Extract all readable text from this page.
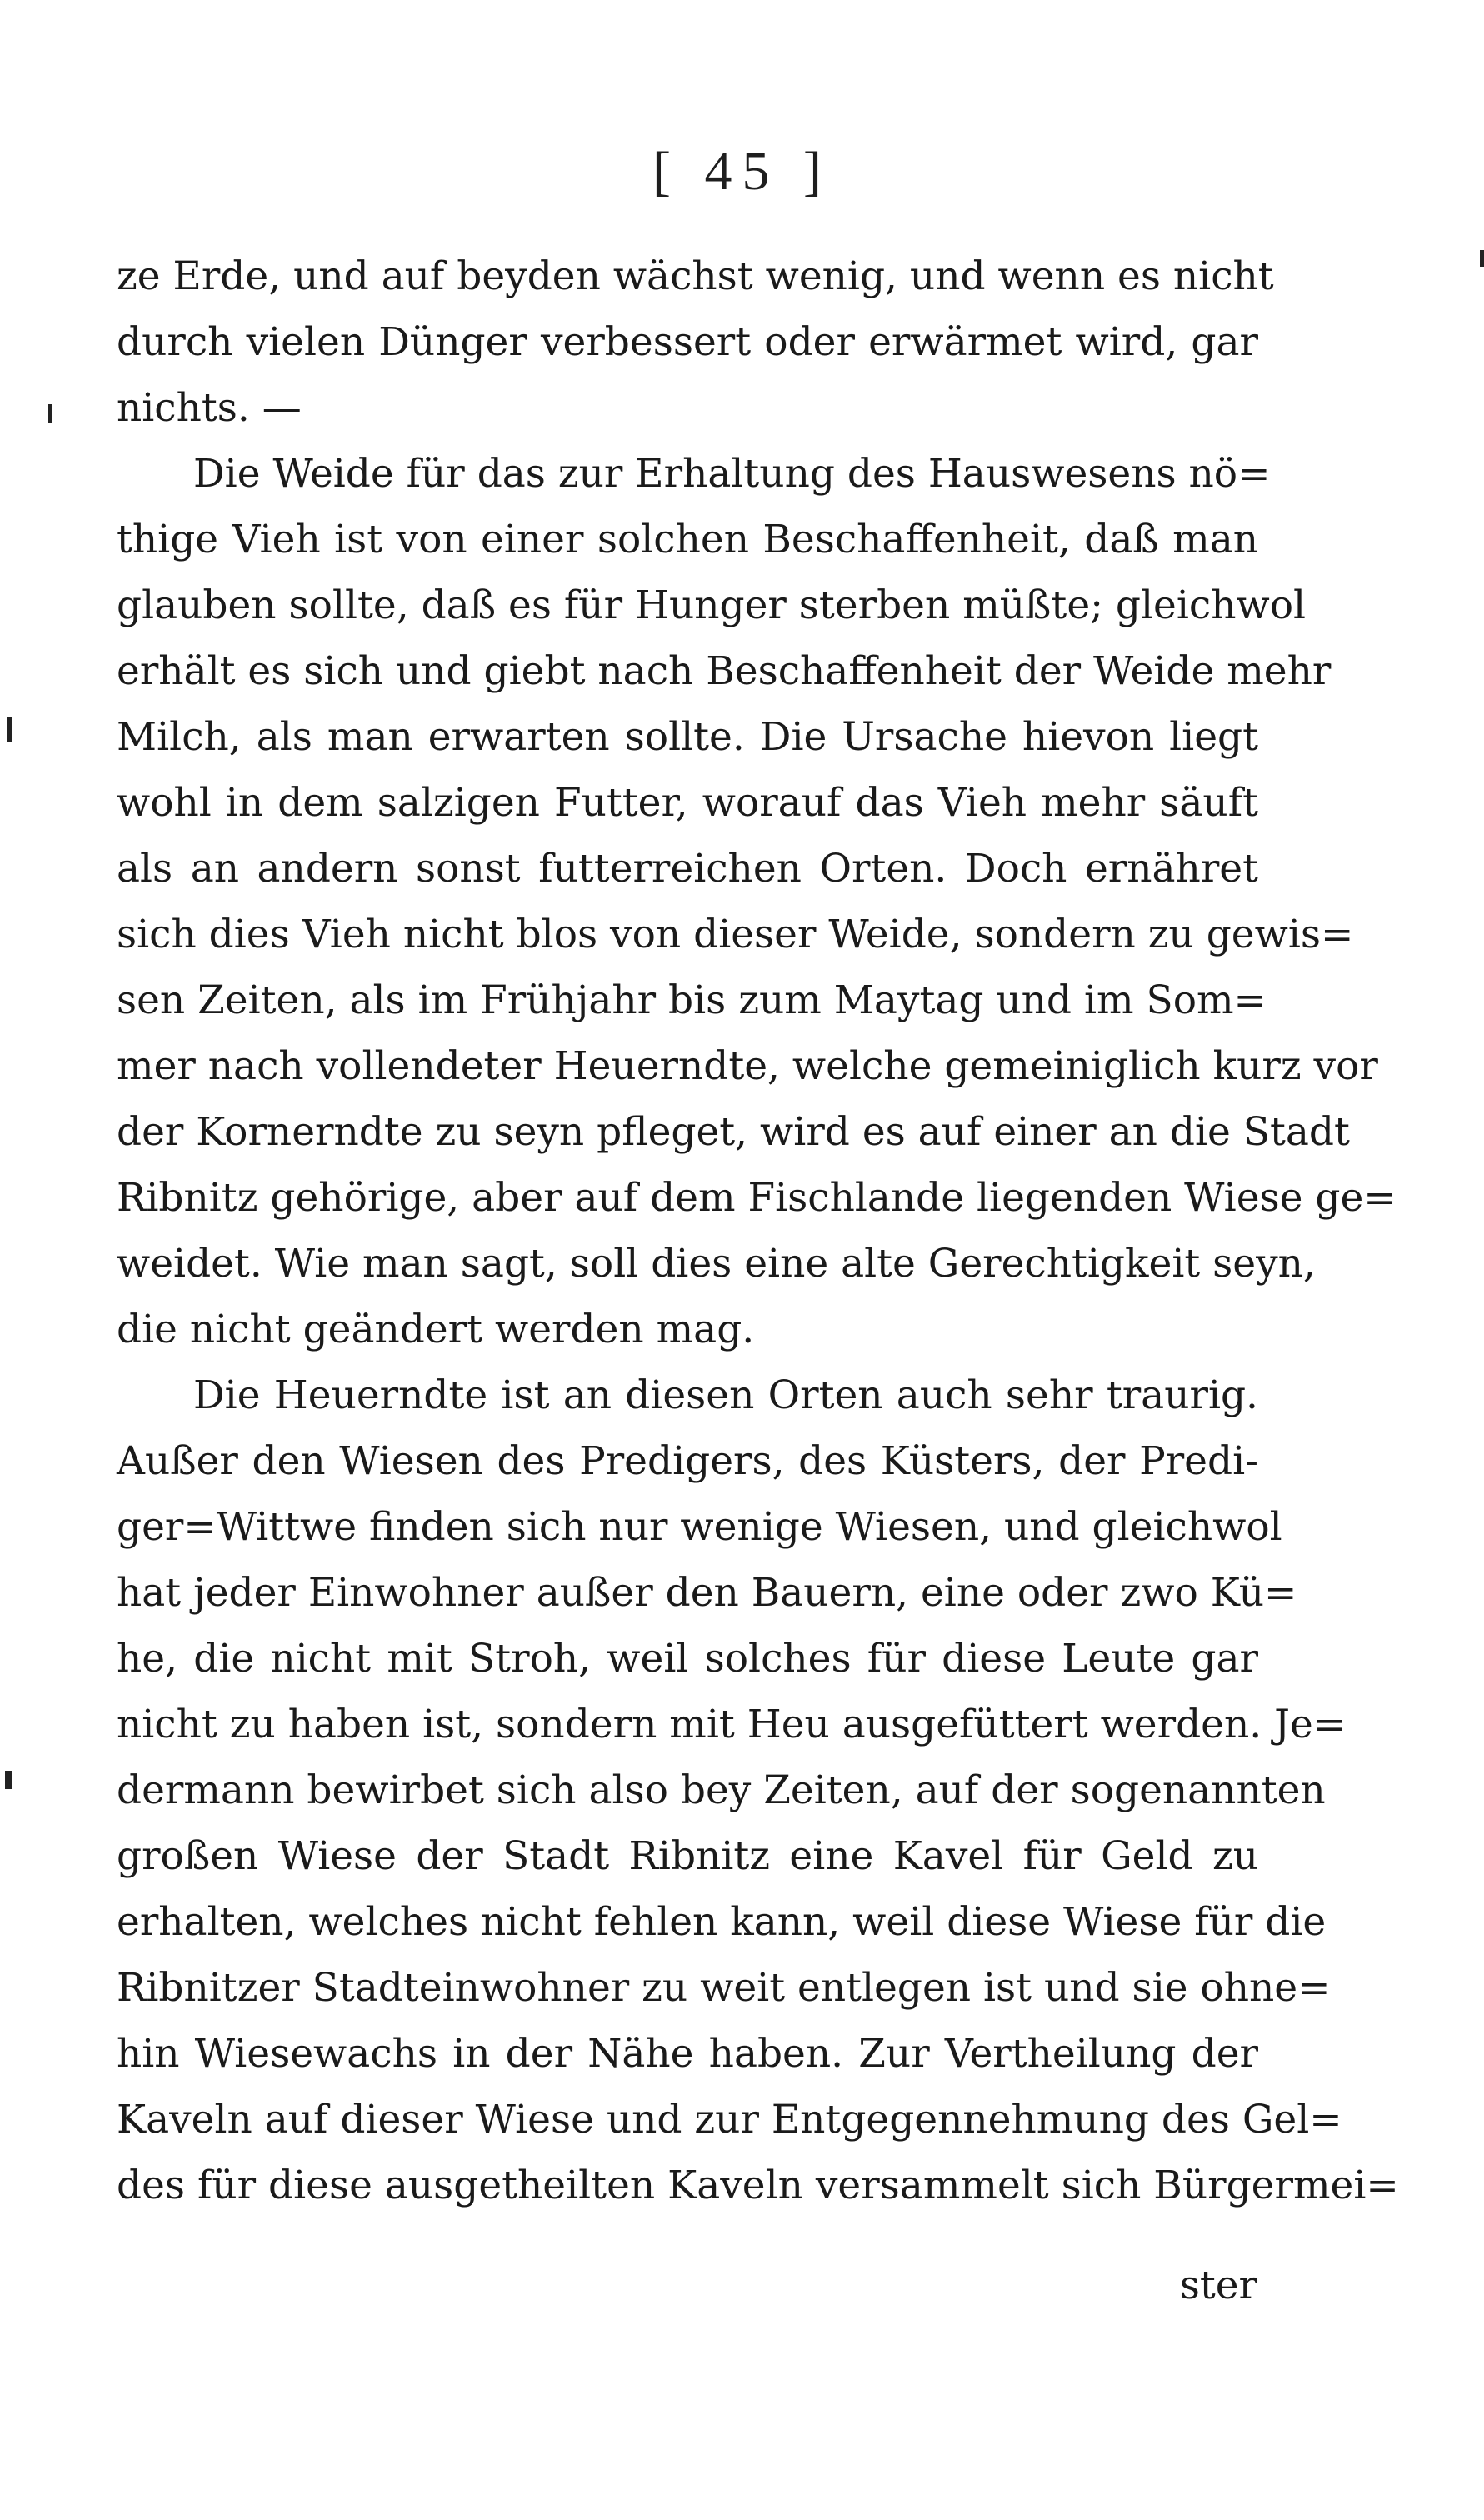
[ 45 ]
ze Erde, und auf beyden wächst wenig, und wenn es nicht
durch vielen Dünger verbessert oder erwärmet wird, gar
nichts. —
Die Weide für das zur Erhaltung des Hauswesens nö=
thige Vieh ist von einer solchen Beschaffenheit, daß man
glauben sollte, daß es für Hunger sterben müßte; gleichwol
erhält es sich und giebt nach Beschaffenheit der Weide mehr
Milch, als man erwarten sollte. Die Ursache hievon liegt
wohl in dem salzigen Futter, worauf das Vieh mehr säuft
als an andern sonst futterreichen Orten. Doch ernähret
sich dies Vieh nicht blos von dieser Weide, sondern zu gewis=
sen Zeiten, als im Frühjahr bis zum Maytag und im Som=
mer nach vollendeter Heuerndte, welche gemeiniglich kurz vor
der Kornerndte zu seyn pfleget, wird es auf einer an die Stadt
Ribnitz gehörige, aber auf dem Fischlande liegenden Wiese ge=
weidet. Wie man sagt, soll dies eine alte Gerechtigkeit seyn,
die nicht geändert werden mag.
Die Heuerndte ist an diesen Orten auch sehr traurig.
Außer den Wiesen des Predigers, des Küsters, der Predi-
ger=Wittwe finden sich nur wenige Wiesen, und gleichwol
hat jeder Einwohner außer den Bauern, eine oder zwo Kü=
he, die nicht mit Stroh, weil solches für diese Leute gar
nicht zu haben ist, sondern mit Heu ausgefüttert werden. Je=
dermann bewirbet sich also bey Zeiten, auf der sogenannten
großen Wiese der Stadt Ribnitz eine Kavel für Geld zu
erhalten, welches nicht fehlen kann, weil diese Wiese für die
Ribnitzer Stadteinwohner zu weit entlegen ist und sie ohne=
hin Wiesewachs in der Nähe haben. Zur Vertheilung der
Kaveln auf dieser Wiese und zur Entgegennehmung des Gel=
des für diese ausgetheilten Kaveln versammelt sich Bürgermei=
ster
